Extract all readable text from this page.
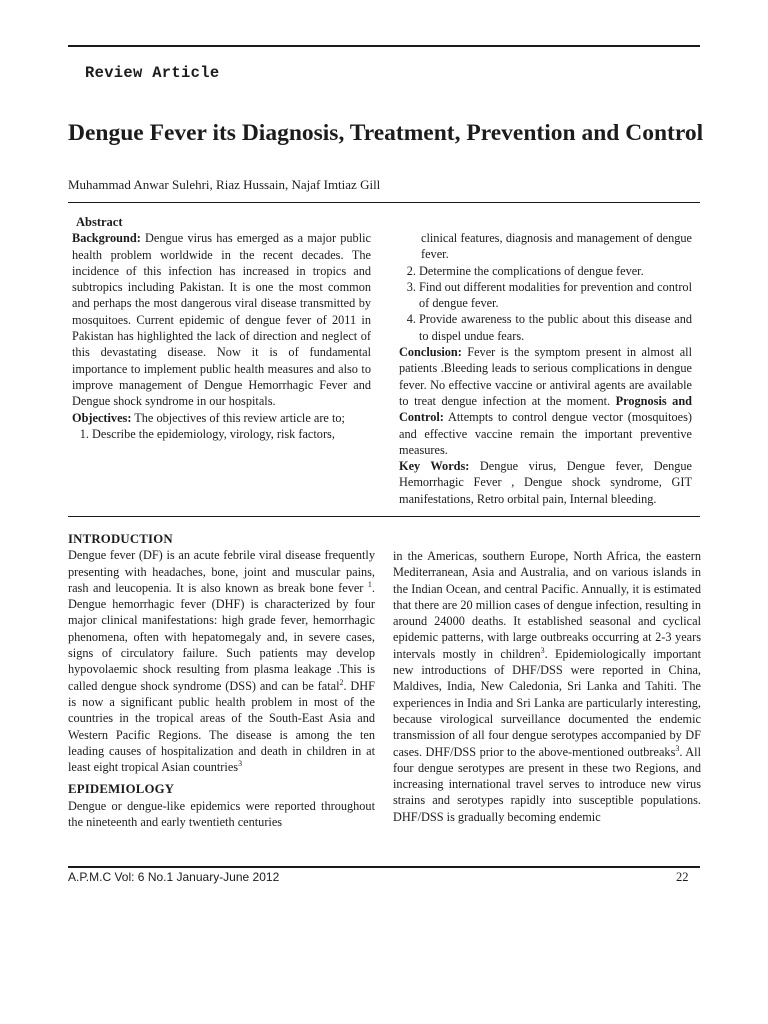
Review Article
Dengue Fever its Diagnosis, Treatment, Prevention and Control
Muhammad Anwar Sulehri, Riaz Hussain, Najaf Imtiaz Gill

Abstract

Background: Dengue virus has emerged as a major public health problem worldwide in the recent decades. The incidence of this infection has increased in tropics and subtropics including Pakistan. It is one the most common and perhaps the most dangerous viral disease transmitted by mosquitoes. Current epidemic of dengue fever of 2011 in Pakistan has highlighted the lack of direction and neglect of this devastating disease. Now it is of fundamental importance to implement public health measures and also to improve management of Dengue Hemorrhagic Fever and Dengue shock syndrome in our hospitals.

Objectives: The objectives of this review article are to;

1. Describe the epidemiology, virology, risk factors,

clinical features, diagnosis and management of dengue fever.

2. Determine the complications of dengue fever.
3. Find out different modalities for prevention and control of dengue fever.
4. Provide awareness to the public about this disease and to dispel undue fears.

Conclusion: Fever is the symptom present in almost all patients .Bleeding leads to serious complications in dengue fever. No effective vaccine or antiviral agents are available to treat dengue infection at the moment. Prognosis and Control: Attempts to control dengue vector (mosquitoes) and effective vaccine remain the important preventive measures.

Key Words: Dengue virus, Dengue fever, Dengue Hemorrhagic Fever , Dengue shock syndrome, GIT manifestations, Retro orbital pain, Internal bleeding.

INTRODUCTION

Dengue fever (DF) is an acute febrile viral disease frequently presenting with headaches, bone, joint and muscular pains, rash and leucopenia. It is also known as break bone fever $^1$. Dengue hemorrhagic fever (DHF) is characterized by four major clinical manifestations: high grade fever, hemorrhagic phenomena, often with hepatomegaly and, in severe cases, signs of circulatory failure. Such patients may develop hypovolaemic shock resulting from plasma leakage .This is called dengue shock syndrome (DSS) and can be fatal$^2$. DHF is now a significant public health problem in most of the countries in the tropical areas of the South-East Asia and Western Pacific Regions. The disease is among the ten leading causes of hospitalization and death in children in at least eight tropical Asian countries$^3$

EPIDEMIOLOGY

Dengue or dengue-like epidemics were reported throughout the nineteenth and early twentieth centuries

in the Americas, southern Europe, North Africa, the eastern Mediterranean, Asia and Australia, and on various islands in the Indian Ocean, and central Pacific. Annually, it is estimated that there are 20 million cases of dengue infection, resulting in around 24000 deaths. It established seasonal and cyclical epidemic patterns, with large outbreaks occurring at 2-3 years intervals mostly in children$^3$. Epidemiologically important new introductions of DHF/DSS were reported in China, Maldives, India, New Caledonia, Sri Lanka and Tahiti. The experiences in India and Sri Lanka are particularly interesting, because virological surveillance documented the endemic transmission of all four dengue serotypes accompanied by DF cases. DHF/DSS prior to the above-mentioned outbreaks$^3$. All four dengue serotypes are present in these two Regions, and increasing international travel serves to introduce new virus strains and serotypes rapidly into susceptible populations. DHF/DSS is gradually becoming endemic

A.P.M.C Vol: 6 No.1 January-June 2012	22
